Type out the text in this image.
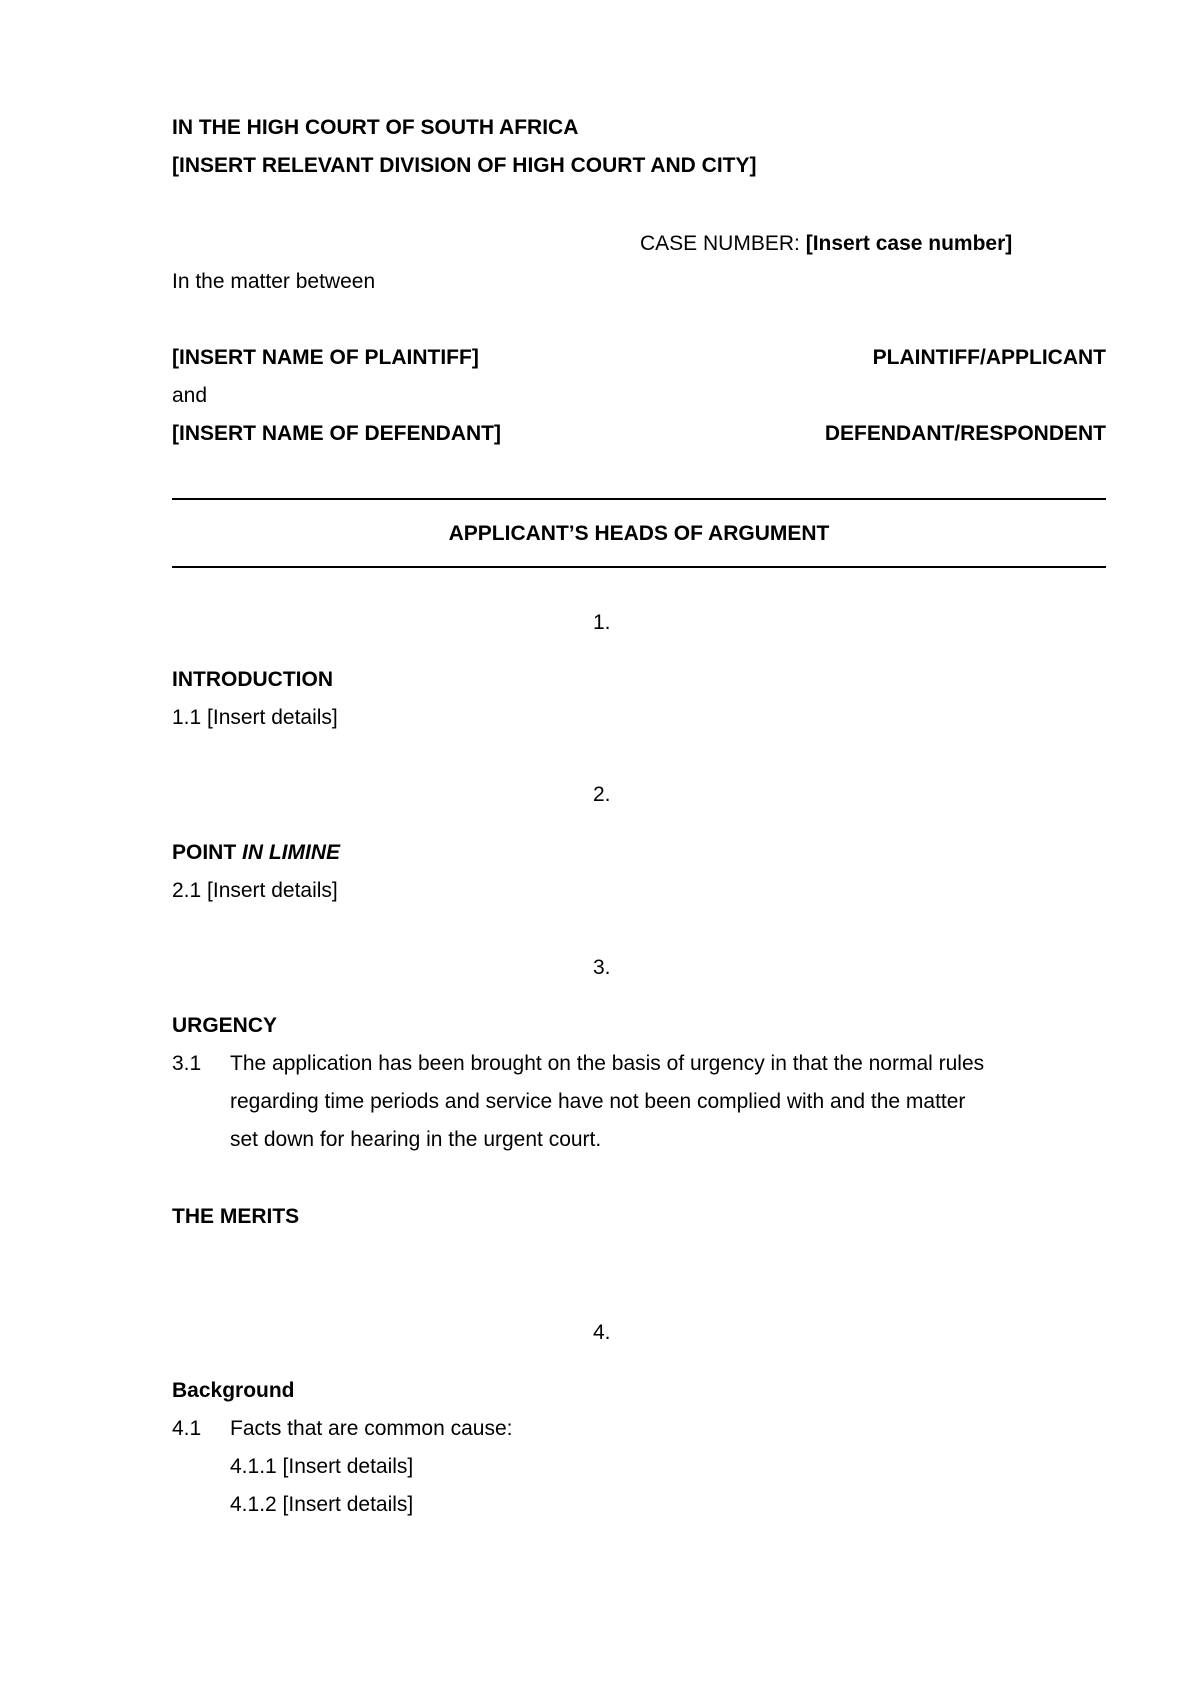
IN THE HIGH COURT OF SOUTH AFRICA
[INSERT RELEVANT DIVISION OF HIGH COURT AND CITY]
CASE NUMBER: [Insert case number]
In the matter between
[INSERT NAME OF PLAINTIFF]	PLAINTIFF/APPLICANT
and
[INSERT NAME OF DEFENDANT]	DEFENDANT/RESPONDENT
APPLICANT’S HEADS OF ARGUMENT
1.
INTRODUCTION
1.1 [Insert details]
2.
POINT IN LIMINE
2.1 [Insert details]
3.
URGENCY
3.1 The application has been brought on the basis of urgency in that the normal rules
regarding time periods and service have not been complied with and the matter
set down for hearing in the urgent court.
THE MERITS
4.
Background
4.1 Facts that are common cause:
4.1.1 [Insert details]
4.1.2 [Insert details]
